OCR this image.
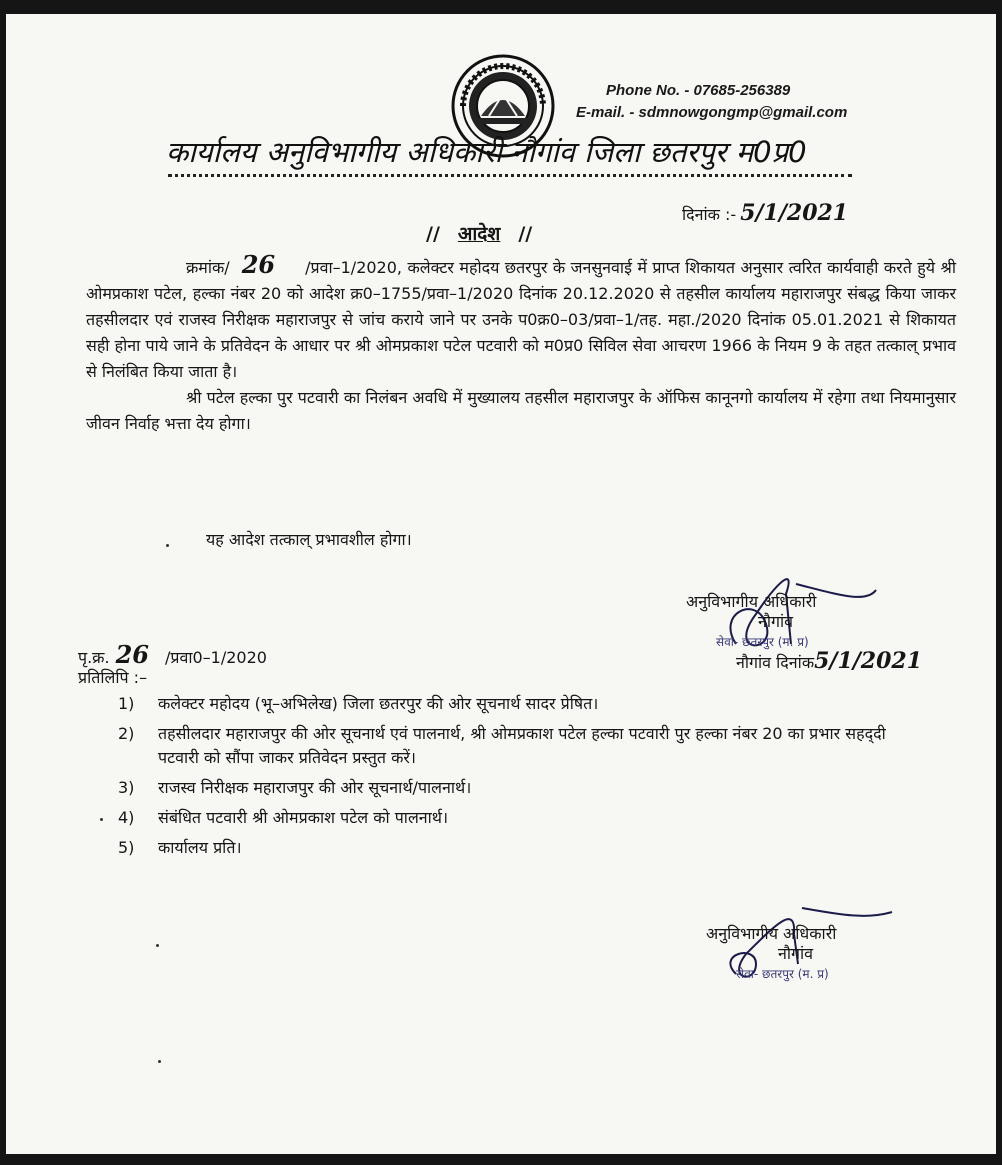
Phone No. - 07685-256389
E-mail. - sdmnowgongmp@gmail.com
कार्यालय अनुविभागीय अधिकारी नौगांव जिला छतरपुर म0प्र0
दिनांक :- 5/1/2021
// आदेश //

क्रमांक/ 26 /प्रवा–1/2020, कलेक्टर महोदय छतरपुर के जनसुनवाई में प्राप्त शिकायत अनुसार त्वरित कार्यवाही करते हुये श्री ओमप्रकाश पटेल, हल्का नंबर 20 को आदेश क्र0–1755/प्रवा–1/2020 दिनांक 20.12.2020 से तहसील कार्यालय महाराजपुर संबद्ध किया जाकर तहसीलदार एवं राजस्व निरीक्षक महाराजपुर से जांच कराये जाने पर उनके प0क्र0–03/प्रवा–1/तह. महा./2020 दिनांक 05.01.2021 से शिकायत सही होना पाये जाने के प्रतिवेदन के आधार पर श्री ओमप्रकाश पटेल पटवारी को म0प्र0 सिविल सेवा आचरण 1966 के नियम 9 के तहत तत्काल् प्रभाव से निलंबित किया जाता है।

श्री पटेल हल्का पुर पटवारी का निलंबन अवधि में मुख्यालय तहसील महाराजपुर के ऑफिस कानूनगो कार्यालय में रहेगा तथा नियमानुसार जीवन निर्वाह भत्ता देय होगा।

यह आदेश तत्काल् प्रभावशील होगा।
अनुविभागीय अधिकारी
नौगांव
सेवा- छतरपुर (म. प्र)
पृ.क्र. 26 /प्रवा0–1/2020	नौगांव दिनांक5/1/2021
प्रतिलिपि :–
1)	कलेक्टर महोदय (भू–अभिलेख) जिला छतरपुर की ओर सूचनार्थ सादर प्रेषित।
2)	तहसीलदार महाराजपुर की ओर सूचनार्थ एवं पालनार्थ, श्री ओमप्रकाश पटेल हल्का पटवारी पुर हल्का नंबर 20 का प्रभार सहद्‌दी पटवारी को सौंपा जाकर प्रतिवेदन प्रस्तुत करें।
3)	राजस्व निरीक्षक महाराजपुर की ओर सूचनार्थ/पालनार्थ।
4)	संबंधित पटवारी श्री ओमप्रकाश पटेल को पालनार्थ।
5)	कार्यालय प्रति।
अनुविभागीय अधिकारी
नौगांव
सेवा- छतरपुर (म. प्र)
